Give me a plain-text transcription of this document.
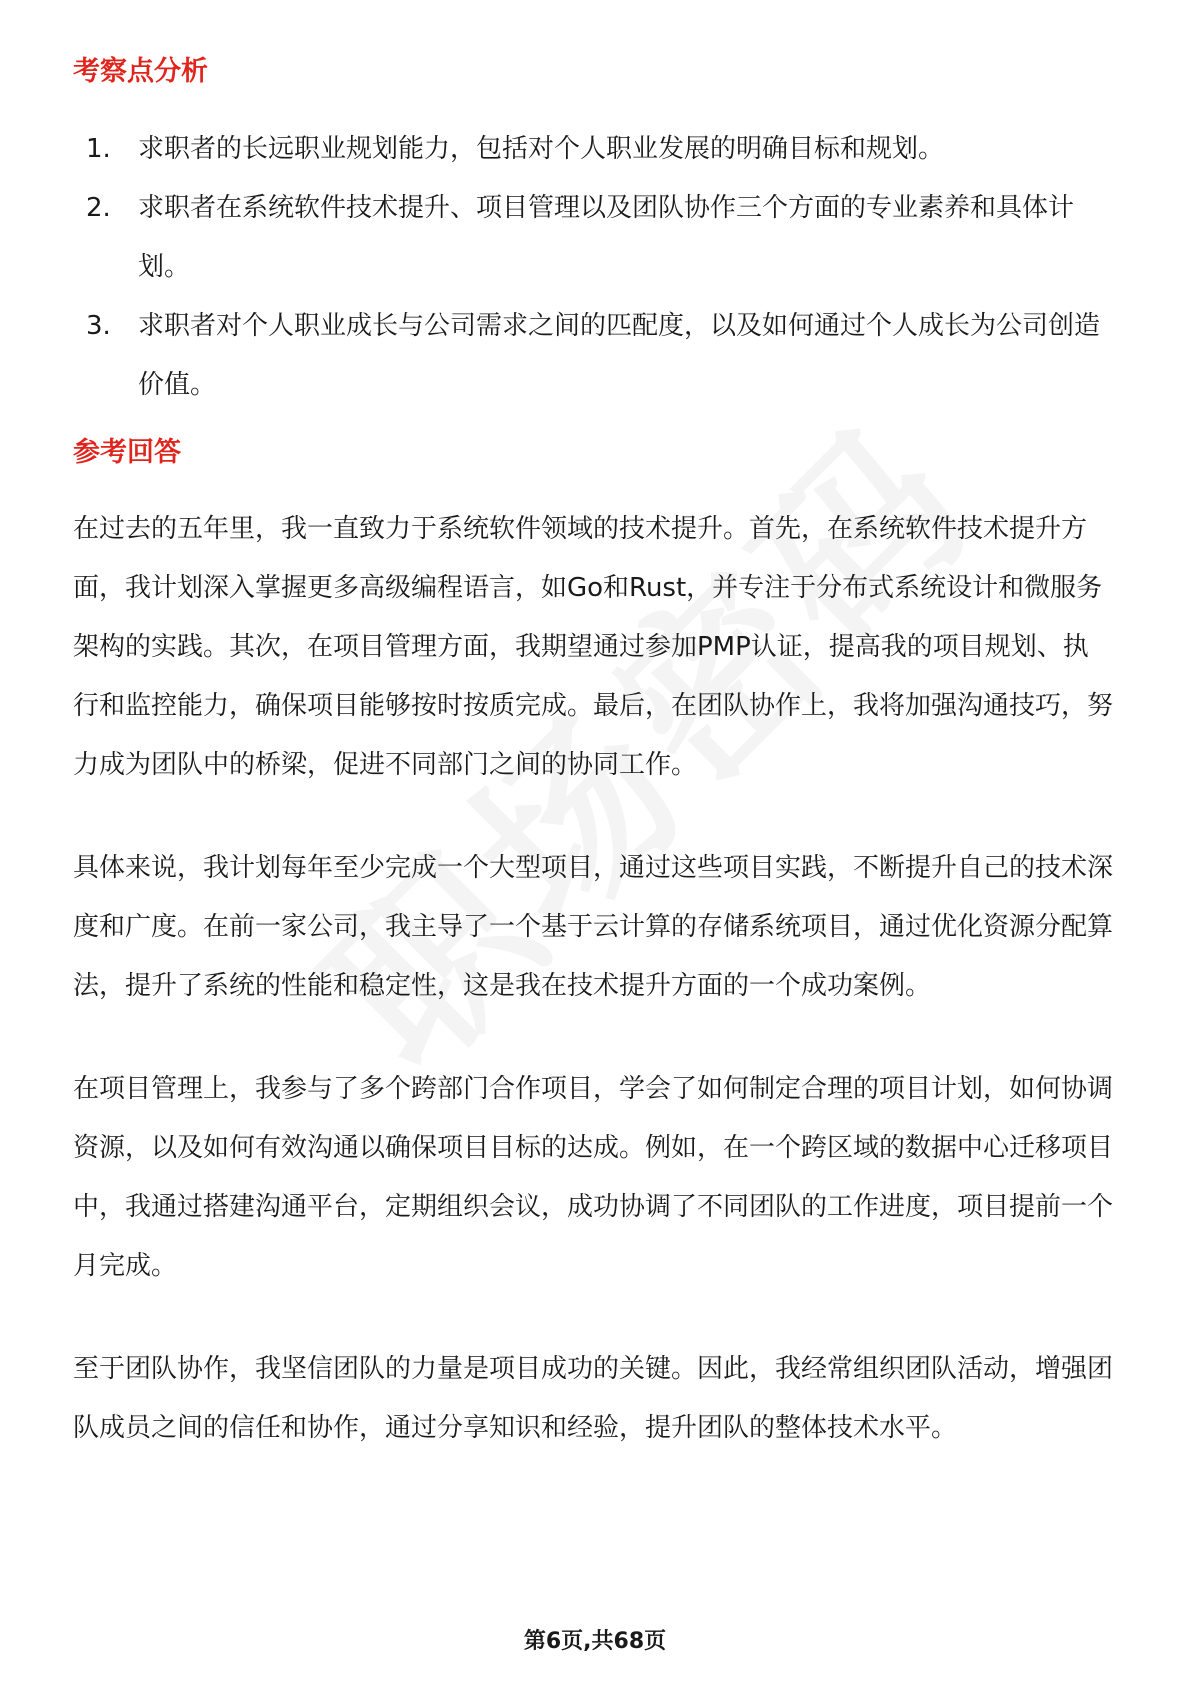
考察点分析
1.	求职者的长远职业规划能力，包括对个人职业发展的明确目标和规划。
2.	求职者在系统软件技术提升、项目管理以及团队协作三个方面的专业素养和具体计划。
3.	求职者对个人职业成长与公司需求之间的匹配度，以及如何通过个人成长为公司创造价值。
参考回答

在过去的五年里，我一直致力于系统软件领域的技术提升。首先，在系统软件技术提升方面，我计划深入掌握更多高级编程语言，如Go和Rust，并专注于分布式系统设计和微服务架构的实践。其次，在项目管理方面，我期望通过参加PMP认证，提高我的项目规划、执行和监控能力，确保项目能够按时按质完成。最后，在团队协作上，我将加强沟通技巧，努力成为团队中的桥梁，促进不同部门之间的协同工作。

具体来说，我计划每年至少完成一个大型项目，通过这些项目实践，不断提升自己的技术深度和广度。在前一家公司，我主导了一个基于云计算的存储系统项目，通过优化资源分配算法，提升了系统的性能和稳定性，这是我在技术提升方面的一个成功案例。

在项目管理上，我参与了多个跨部门合作项目，学会了如何制定合理的项目计划，如何协调资源，以及如何有效沟通以确保项目目标的达成。例如，在一个跨区域的数据中心迁移项目中，我通过搭建沟通平台，定期组织会议，成功协调了不同团队的工作进度，项目提前一个月完成。

至于团队协作，我坚信团队的力量是项目成功的关键。因此，我经常组织团队活动，增强团队成员之间的信任和协作，通过分享知识和经验，提升团队的整体技术水平。

第6页,共68页
